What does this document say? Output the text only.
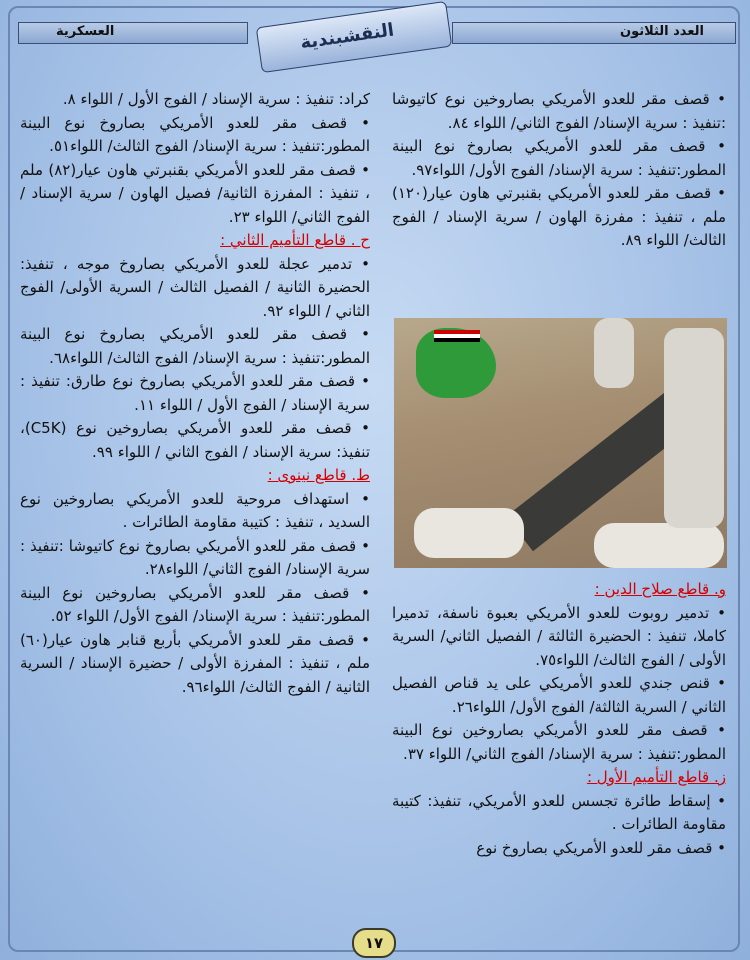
العدد الثلاثون
العسكرية	النقشبندية

• قصف مقر للعدو الأمريكي بصاروخين نوع كاتيوشا :تنفيذ : سرية الإسناد/ الفوج الثاني/ اللواء ٨٤.

• قصف مقر للعدو الأمريكي بصاروخ نوع البينة المطور:تنفيذ : سرية الإسناد/ الفوج الأول/ اللواء٩٧.

• قصف مقر للعدو الأمريكي بقنبرتي هاون عيار(١٢٠) ملم ، تنفيذ : مفرزة الهاون / سرية الإسناد / الفوج الثالث/ اللواء ٨٩.

و. قاطع صلاح الدين :

• تدمير روبوت للعدو الأمريكي بعبوة ناسفة، تدميرا كاملا، تنفيذ : الحضيرة الثالثة / الفصيل الثاني/ السرية الأولى / الفوج الثالث/ اللواء٧٥.

• قنص جندي للعدو الأمريكي على يد قناص الفصيل الثاني / السرية الثالثة/ الفوج الأول/ اللواء٢٦.

• قصف مقر للعدو الأمريكي بصاروخين نوع البينة المطور:تنفيذ : سرية الإسناد/ الفوج الثاني/ اللواء ٣٧.

ز. قاطع التأميم الأول :

• إسقاط طائرة تجسس للعدو الأمريكي، تنفيذ: كتيبة مقاومة الطائرات .

• قصف مقر للعدو الأمريكي بصاروخ نوع

كراد: تنفيذ : سرية الإسناد / الفوج الأول / اللواء ٨.

• قصف مقر للعدو الأمريكي بصاروخ نوع البينة المطور:تنفيذ : سرية الإسناد/ الفوج الثالث/ اللواء٥١.

• قصف مقر للعدو الأمريكي بقنبرتي هاون عيار(٨٢) ملم ، تنفيذ : المفرزة الثانية/ فصيل الهاون / سرية الإسناد / الفوج الثاني/ اللواء ٢٣.

ح . قاطع التأميم الثاني :

• تدمير عجلة للعدو الأمريكي بصاروخ موجه ، تنفيذ: الحضيرة الثانية / الفصيل الثالث / السرية الأولى/ الفوج الثاني / اللواء ٩٢.

• قصف مقر للعدو الأمريكي بصاروخ نوع البينة المطور:تنفيذ : سرية الإسناد/ الفوج الثالث/ اللواء٦٨.

• قصف مقر للعدو الأمريكي بصاروخ نوع طارق: تنفيذ : سرية الإسناد / الفوج الأول / اللواء ١١.

• قصف مقر للعدو الأمريكي بصاروخين نوع (C5K)، تنفيذ: سرية الإسناد / الفوج الثاني / اللواء ٩٩.

ط. قاطع نينوى :

• استهداف مروحية للعدو الأمريكي بصاروخين نوع السديد ، تنفيذ : كتيبة مقاومة الطائرات .

• قصف مقر للعدو الأمريكي بصاروخ نوع كاتيوشا :تنفيذ : سرية الإسناد/ الفوج الثاني/ اللواء٢٨.

• قصف مقر للعدو الأمريكي بصاروخين نوع البينة المطور:تنفيذ : سرية الإسناد/ الفوج الأول/ اللواء ٥٢.

• قصف مقر للعدو الأمريكي بأربع قنابر هاون عيار(٦٠) ملم ، تنفيذ : المفرزة الأولى / حضيرة الإسناد / السرية الثانية / الفوج الثالث/ اللواء٩٦.

١٧
